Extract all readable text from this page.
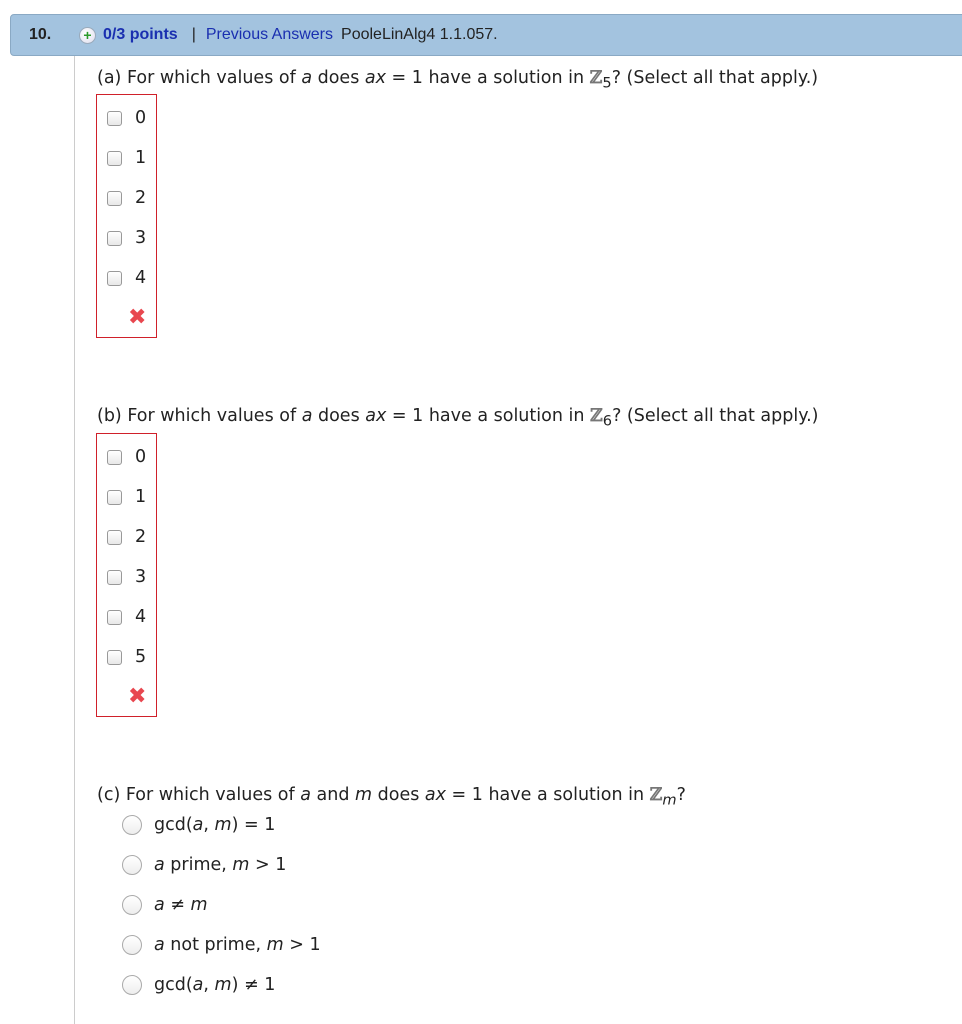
10.	+ 0/3 points | Previous Answers PooleLinAlg4 1.1.057.
(a) For which values of a does ax = 1 have a solution in ℤ$_5$? (Select all that apply.)
0
1
2
3
4
✖
(b) For which values of a does ax = 1 have a solution in ℤ$_6$? (Select all that apply.)
0
1
2
3
4
5
✖
(c) For which values of a and m does ax = 1 have a solution in ℤ$_m$?
gcd(a, m) = 1
a prime, m > 1
a ≠ m
a not prime, m > 1
gcd(a, m) ≠ 1
